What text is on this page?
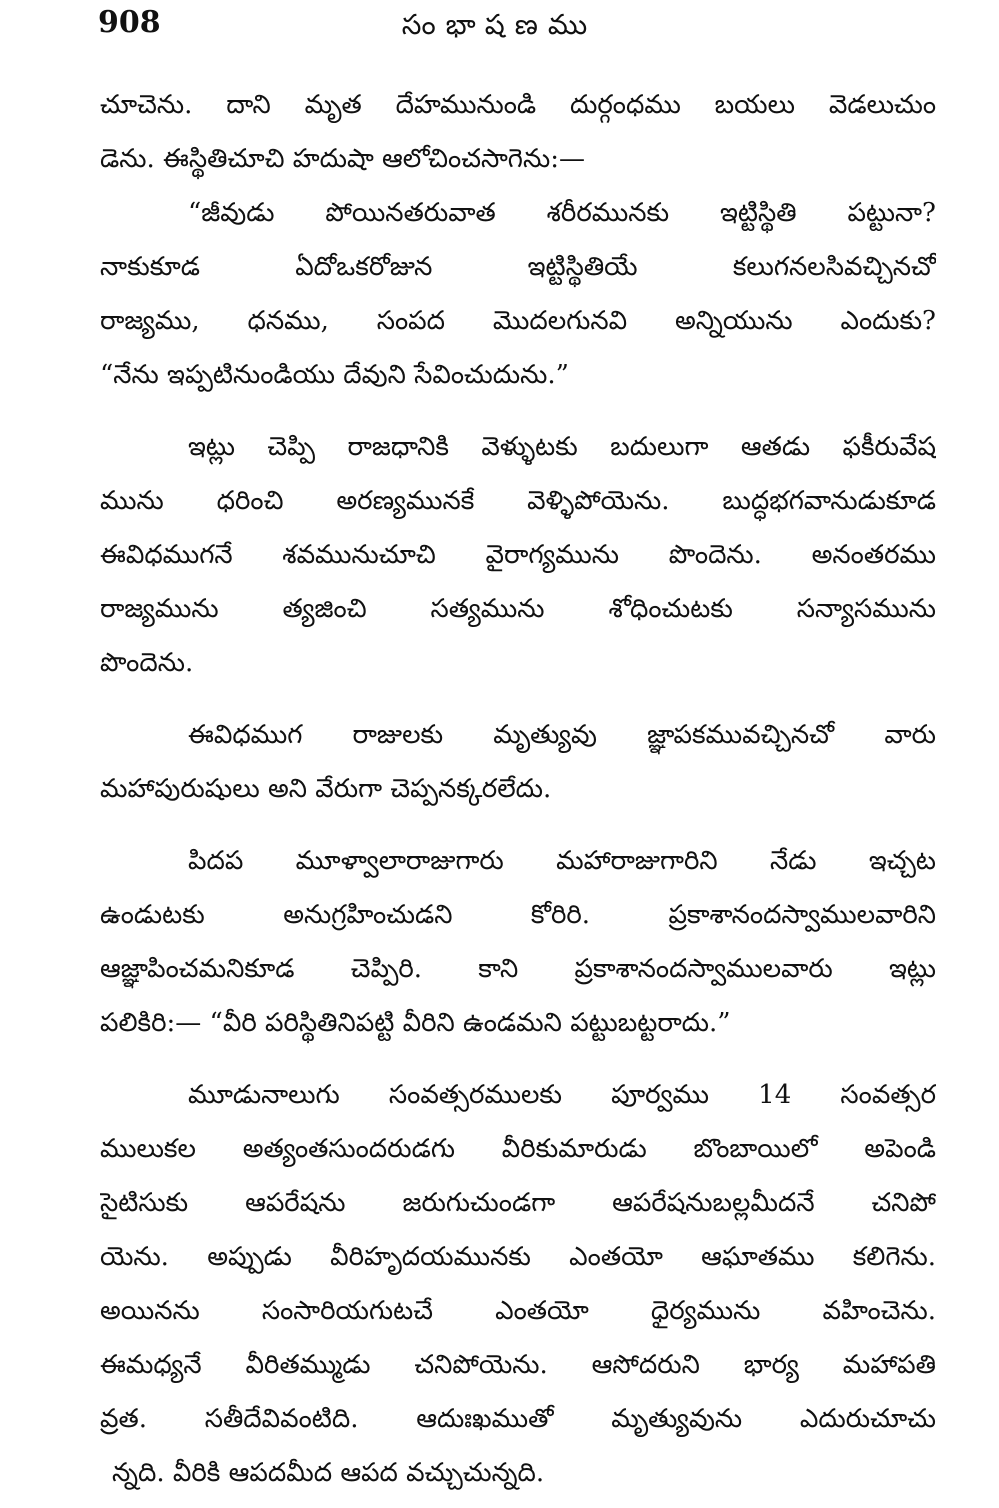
908	సంభాషణము
చూచెను. దాని మృత దేహమునుండి దుర్గంధము బయలు వెడలుచుం
డెను. ఈస్థితిచూచి హదుషా ఆలోచించసాగెను:—
“జీవుడు పోయినతరువాత శరీరమునకు ఇట్టిస్థితి పట్టునా?
నాకుకూడ ఏదోఒకరోజున ఇట్టిస్థితియే కలుగనలసివచ్చినచో
రాజ్యము, ధనము, సంపద మొదలగునవి అన్నియును ఎందుకు?
“నేను ఇప్పటినుండియు దేవుని సేవించుదును.”
ఇట్లు చెప్పి రాజధానికి వెళ్ళుటకు బదులుగా ఆతడు ఫకీరువేష
మును ధరించి అరణ్యమునకే వెళ్ళిపోయెను. బుద్ధభగవానుడుకూడ
ఈవిధముగనే శవమునుచూచి వైరాగ్యమును పొందెను. అనంతరము
రాజ్యమును త్యజించి సత్యమును శోధించుటకు సన్యాసమును
పొందెను.
ఈవిధముగ రాజులకు మృత్యువు జ్ఞాపకమువచ్చినచో వారు
మహాపురుషులు అని వేరుగా చెప్పనక్కరలేదు.
పిదప మూళ్వాలారాజుగారు మహారాజుగారిని నేడు ఇచ్చట
ఉండుటకు అనుగ్రహించుడని కోరిరి. ప్రకాశానందస్వాములవారిని
ఆజ్ఞాపించమనికూడ చెప్పిరి. కాని ప్రకాశానందస్వాములవారు ఇట్లు
పలికిరి:— “వీరి పరిస్థితినిపట్టి వీరిని ఉండమని పట్టుబట్టరాదు.”
మూడునాలుగు సంవత్సరములకు పూర్వము 14 సంవత్సర
ములుకల అత్యంతసుందరుడగు వీరికుమారుడు బొంబాయిలో అపెండి
సైటిసుకు ఆపరేషను జరుగుచుండగా ఆపరేషనుబల్లమీదనే చనిపో
యెను. అప్పుడు వీరిహృదయమునకు ఎంతయో ఆఘాతము కలిగెను.
అయినను సంసారియగుటచే ఎంతయో ధైర్యమును వహించెను.
ఈమధ్యనే వీరితమ్ముడు చనిపోయెను. ఆసోదరుని భార్య మహాపతి
వ్రత. సతీదేవివంటిది. ఆదుఃఖముతో మృత్యువును ఎదురుచూచు
న్నది. వీరికి ఆపదమీద ఆపద వచ్చుచున్నది.
